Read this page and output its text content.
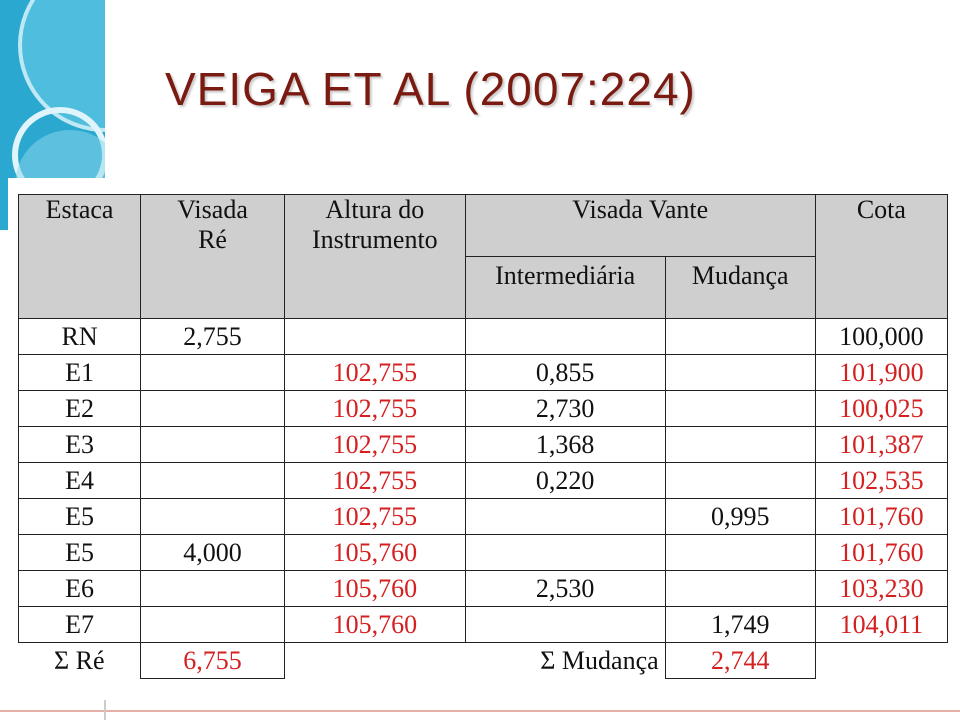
VEIGA ET AL (2007:224)
Estaca	Visada Ré	Altura do Instrumento	Visada Vante		Cota
			Intermediária	Mudança	
RN	2,755				100,000
E1		102,755	0,855		101,900
E2		102,755	2,730		100,025
E3		102,755	1,368		101,387
E4		102,755	0,220		102,535
E5		102,755		0,995	101,760
E5	4,000	105,760			101,760
E6		105,760	2,530		103,230
E7		105,760		1,749	104,011
Σ Ré	6,755		Σ Mudança	2,744	
